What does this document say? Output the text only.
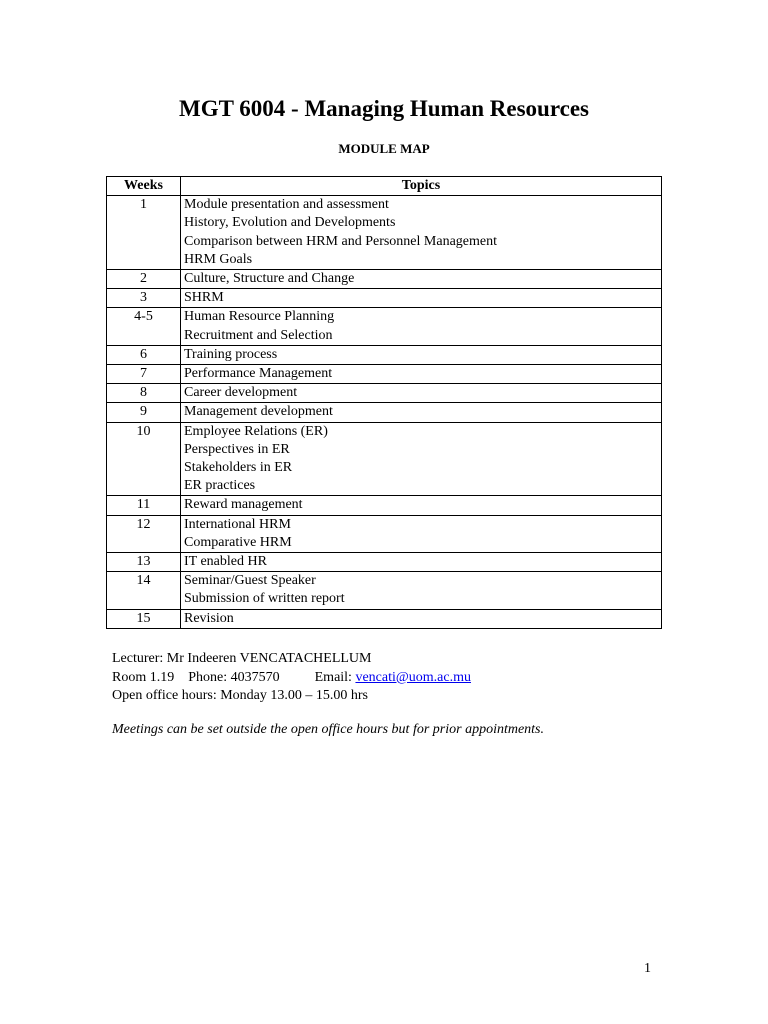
MGT 6004 - Managing Human Resources
MODULE MAP
Weeks	Topics
1	Module presentation and assessment
History, Evolution and Developments
Comparison between HRM and Personnel Management
HRM Goals

2	Culture, Structure and Change

3	SHRM

4-5	Human Resource Planning
Recruitment and Selection

6	Training process

7	Performance Management

8	Career development

9	Management development

10	Employee Relations (ER)
Perspectives in ER
Stakeholders in ER
ER practices

11	Reward management

12	International HRM
Comparative HRM

13	IT enabled HR

14	Seminar/Guest Speaker
Submission of written report

15	Revision
Lecturer: Mr Indeeren VENCATACHELLUM
Room 1.19 Phone: 4037570	Email: vencati@uom.ac.mu
Open office hours: Monday 13.00 – 15.00 hrs
Meetings can be set outside the open office hours but for prior appointments.
1
